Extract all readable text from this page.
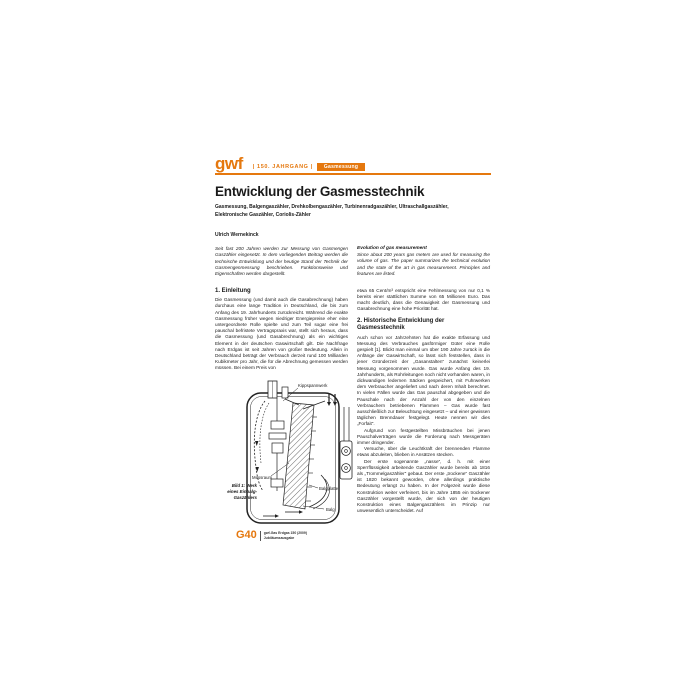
gwf | 150. JAHRGANG |	Gasmessung
Entwicklung der Gasmesstechnik
Gasmessung, Balgengaszähler, Drehkolbengaszähler, Turbinenradgaszähler, Ultraschallgaszähler, Elektronische Gaszähler, Coriolis-Zähler
Ulrich Wernekinck
Seit fast 200 Jahren werden zur Messung von Gasmengen Gaszähler eingesetzt. In dem vorliegenden Beitrag werden die technische Entwicklung und der heutige Stand der Technik der Gasmengenmessung beschrieben. Funktionsweise und Eigenschaften werden dargestellt.
Evolution of gas measurement
Since about 200 years gas meters are used for measuring the volume of gas. The paper summarizes the technical evolution and the state of the art in gas measurement. Principles and features are listed.
1. Einleitung

Die Gasmessung (und damit auch die Gasabrechnung) haben durchaus eine lange Tradition in Deutschland, die bis zum Anfang des 19. Jahrhunderts zurückreicht. Während die exakte Gasmessung früher wegen niedriger Energiepreise eher eine untergeordnete Rolle spielte und zum Teil sogar eine frei pauschal befristete Vertragspraxis war, stellt sich heraus, dass die Gasmessung (und Gasabrechnung) als ein wichtiges Element in der deutschen Gaswirtschaft gilt. Die Nachfrage nach Erdgas ist seit Jahren von großer Bedeutung. Allein in Deutschland beträgt der Verbrauch derzeit rund 100 Milliarden Kubikmeter pro Jahr, die für die Abrechnung gemessen werden müssen. Bei einem Preis von

Bild 1: Werk eines Einbalg-Gaszählers
Kippspannwerk
Messraum
Balgplatte
Balg

etwa 65 Cent/m³ entspricht eine Fehlmessung von nur 0,1 % bereits einer stattlichen Summe von 65 Millionen Euro. Das macht deutlich, dass die Genauigkeit der Gasmessung und Gasabrechnung eine hohe Priorität hat.

2. Historische Entwicklung der Gasmesstechnik

Auch schon vor Jahrzehnten hat die exakte Erfassung und Messung des Verbrauches gasförmiger Güter eine Rolle gespielt [1]. Blickt man einmal um über 190 Jahre zurück in die Anfänge der Gaswirtschaft, so lässt sich feststellen, dass in jener Gründerzeit der „Gasanstalten“ zunächst keinerlei Messung vorgenommen wurde. Gas wurde Anfang des 19. Jahrhunderts, als Rohrleitungen noch nicht vorhanden waren, in dickwandigen ledernen Säcken gespeichert, mit Fuhrwerken dem Verbraucher angeliefert und nach deren Inhalt berechnet. In vielen Fällen wurde das Gas pauschal abgegeben und die Pauschale nach der Anzahl der von den einzelnen Verbrauchern betriebenen Flammen – Gas wurde fast ausschließlich zur Beleuchtung eingesetzt – und einer gewissen täglichen Brenndauer festgelegt. Heute nennen wir dies „Forfait“.

Aufgrund von festgestellten Missbräuchen bei jenen Pauschalverträgen wurde die Forderung nach Messgeräten immer dringender.

Versuche, über die Leuchtkraft der brennenden Flamme etwas abzuleiten, blieben in Ansätzen stecken.

Der erste sogenannte „nasse“, d. h. mit einer Sperrflüssigkeit arbeitende Gaszähler wurde bereits ab 1816 als „Trommelgaszähler“ gebaut. Der erste „trockene“ Gaszähler ist 1820 bekannt geworden, ohne allerdings praktische Bedeutung erlangt zu haben. In der Folgezeit wurde diese Konstruktion weiter verfeinert, bis im Jahre 1855 ein trockener Gaszähler vorgestellt wurde, der sich von der heutigen Konstruktion eines Balgengaszählers im Prinzip nur unwesentlich unterscheidet. Auf

G40 gwf-Gas Erdgas 150 (2009)
Jubiläumsausgabe
